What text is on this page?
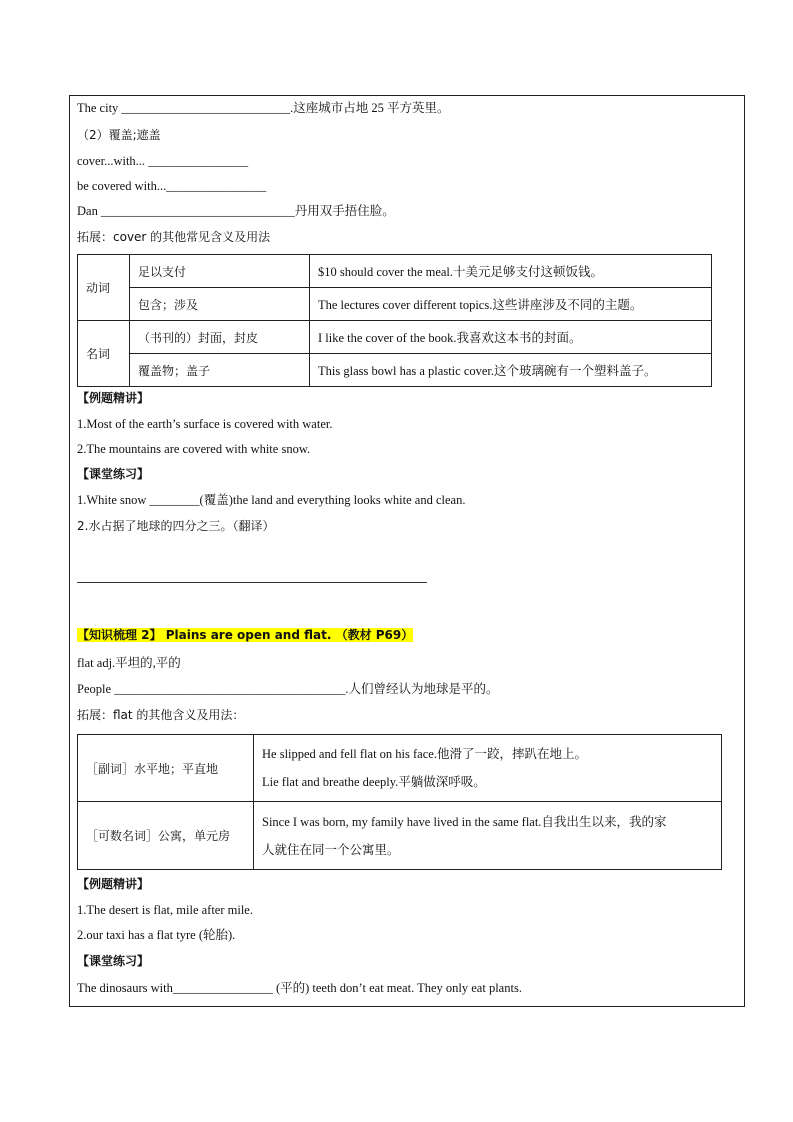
The city ___________________________.这座城市占地 25 平方英里。
（2）覆盖;遮盖
cover...with... ________________
be covered with...________________
Dan _______________________________丹用双手捂住脸。
拓展：cover 的其他常见含义及用法
动词	足以支付	$10 should cover the meal.十美元足够支付这顿饭钱。
	包含；涉及	The lectures cover different topics.这些讲座涉及不同的主题。
名词	（书刊的）封面，封皮	I like the cover of the book.我喜欢这本书的封面。
	覆盖物；盖子	This glass bowl has a plastic cover.这个玻璃碗有一个塑料盖子。
【例题精讲】
1.Most of the earth’s surface is covered with water.
2.The mountains are covered with white snow.
【课堂练习】
1.White snow ________(覆盖)the land and everything looks white and clean.
2.水占据了地球的四分之三。（翻译）
【知识梳理 2】 Plains are open and flat. （教材 P69）
flat adj.平坦的,平的
People _____________________________________.人们曾经认为地球是平的。
拓展：flat 的其他含义及用法：
［副词］水平地；平直地	He slipped and fell flat on his face.他滑了一跤，摔趴在地上。
Lie flat and breathe deeply.平躺做深呼吸。

［可数名词］公寓，单元房	Since I was born, my family have lived in the same flat.自我出生以来，我的家
人就住在同一个公寓里。
【例题精讲】
1.The desert is flat, mile after mile.
2.our taxi has a flat tyre (轮胎).
【课堂练习】
The dinosaurs with________________ (平的) teeth don’t eat meat. They only eat plants.
